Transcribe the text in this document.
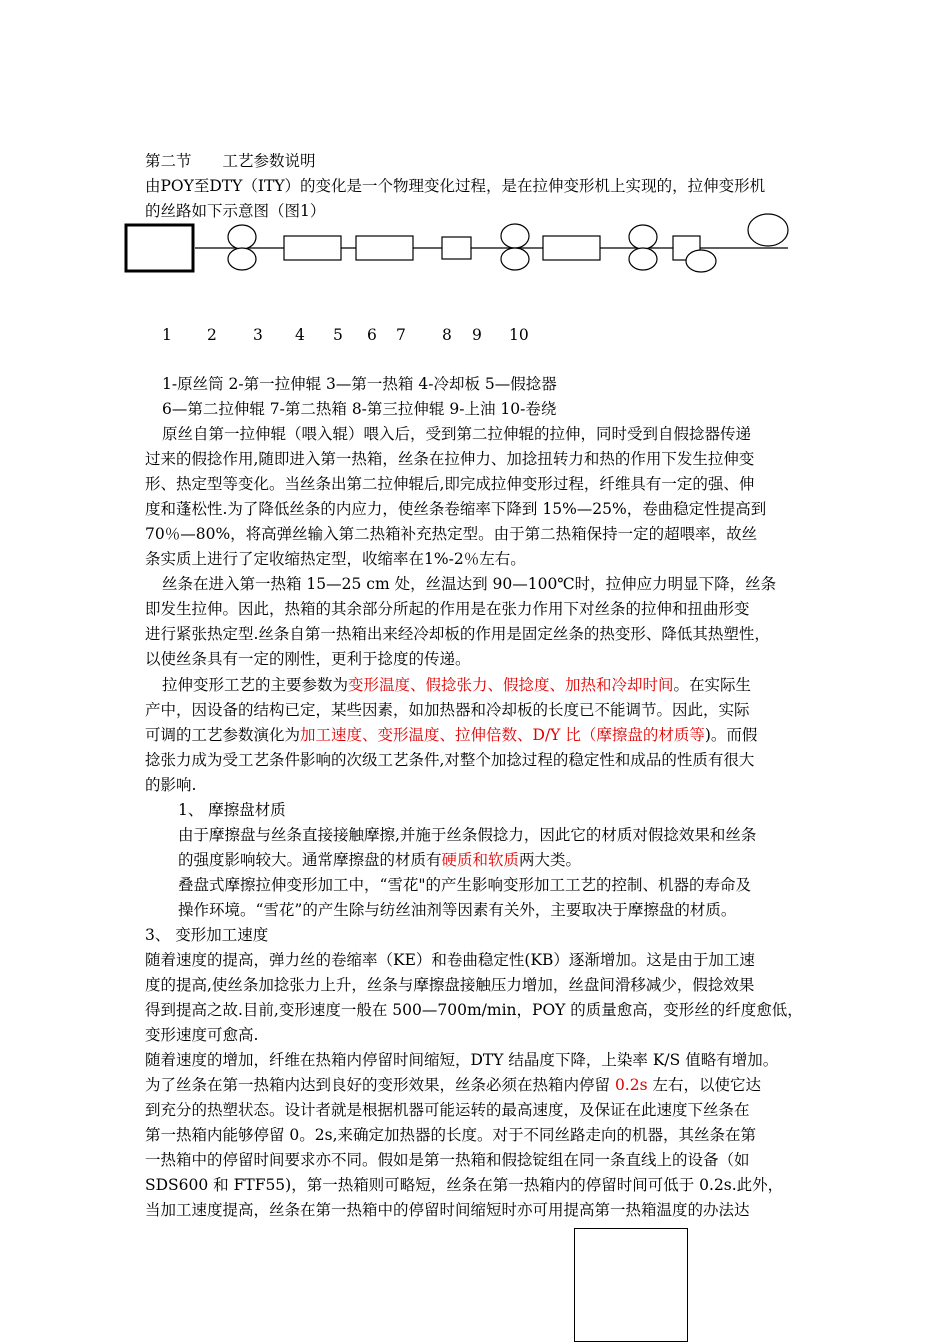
第二节　　工艺参数说明
由POY至DTY（ITY）的变化是一个物理变化过程，是在拉伸变形机上实现的，拉伸变形机
的丝路如下示意图（图1）
1 2 3 4 5 6 7 8 9 10
1-原丝筒 2-第一拉伸辊 3—第一热箱 4-冷却板 5—假捻器
6—第二拉伸辊 7-第二热箱 8-第三拉伸辊 9-上油 10-卷绕
原丝自第一拉伸辊（喂入辊）喂入后，受到第二拉伸辊的拉伸，同时受到自假捻器传递
过来的假捻作用,随即进入第一热箱，丝条在拉伸力、加捻扭转力和热的作用下发生拉伸变
形、热定型等变化。当丝条出第二拉伸辊后,即完成拉伸变形过程，纤维具有一定的强、伸
度和蓬松性.为了降低丝条的内应力，使丝条卷缩率下降到 15%—25%，卷曲稳定性提高到
70％—80%，将高弹丝输入第二热箱补充热定型。由于第二热箱保持一定的超喂率，故丝
条实质上进行了定收缩热定型，收缩率在1%-2％左右。
丝条在进入第一热箱 15—25 cm 处，丝温达到 90—100℃时，拉伸应力明显下降，丝条
即发生拉伸。因此，热箱的其余部分所起的作用是在张力作用下对丝条的拉伸和扭曲形变
进行紧张热定型.丝条自第一热箱出来经冷却板的作用是固定丝条的热变形、降低其热塑性，
以使丝条具有一定的刚性，更利于捻度的传递。
拉伸变形工艺的主要参数为变形温度、假捻张力、假捻度、加热和冷却时间。在实际生
产中，因设备的结构已定，某些因素，如加热器和冷却板的长度已不能调节。因此，实际
可调的工艺参数演化为加工速度、变形温度、拉伸倍数、D/Y 比（摩擦盘的材质等)。而假
捻张力成为受工艺条件影响的次级工艺条件,对整个加捻过程的稳定性和成品的性质有很大
的影响.
1、 摩擦盘材质
由于摩擦盘与丝条直接接触摩擦,并施于丝条假捻力，因此它的材质对假捻效果和丝条
的强度影响较大。通常摩擦盘的材质有硬质和软质两大类。
叠盘式摩擦拉伸变形加工中，“雪花"的产生影响变形加工工艺的控制、机器的寿命及
操作环境。“雪花”的产生除与纺丝油剂等因素有关外，主要取决于摩擦盘的材质。
3、 变形加工速度
随着速度的提高，弹力丝的卷缩率（KE）和卷曲稳定性(KB）逐渐增加。这是由于加工速
度的提高,使丝条加捻张力上升，丝条与摩擦盘接触压力增加，丝盘间滑移减少，假捻效果
得到提高之故.目前,变形速度一般在 500—700m/min，POY 的质量愈高，变形丝的纤度愈低，
变形速度可愈高.
随着速度的增加，纤维在热箱内停留时间缩短，DTY 结晶度下降，上染率 K/S 值略有增加。
为了丝条在第一热箱内达到良好的变形效果，丝条必须在热箱内停留 0.2s 左右，以使它达
到充分的热塑状态。设计者就是根据机器可能运转的最高速度，及保证在此速度下丝条在
第一热箱内能够停留 0。2s,来确定加热器的长度。对于不同丝路走向的机器，其丝条在第
一热箱中的停留时间要求亦不同。假如是第一热箱和假捻锭组在同一条直线上的设备（如
SDS600 和 FTF55)，第一热箱则可略短，丝条在第一热箱内的停留时间可低于 0.2s.此外，
当加工速度提高，丝条在第一热箱中的停留时间缩短时亦可用提高第一热箱温度的办法达
